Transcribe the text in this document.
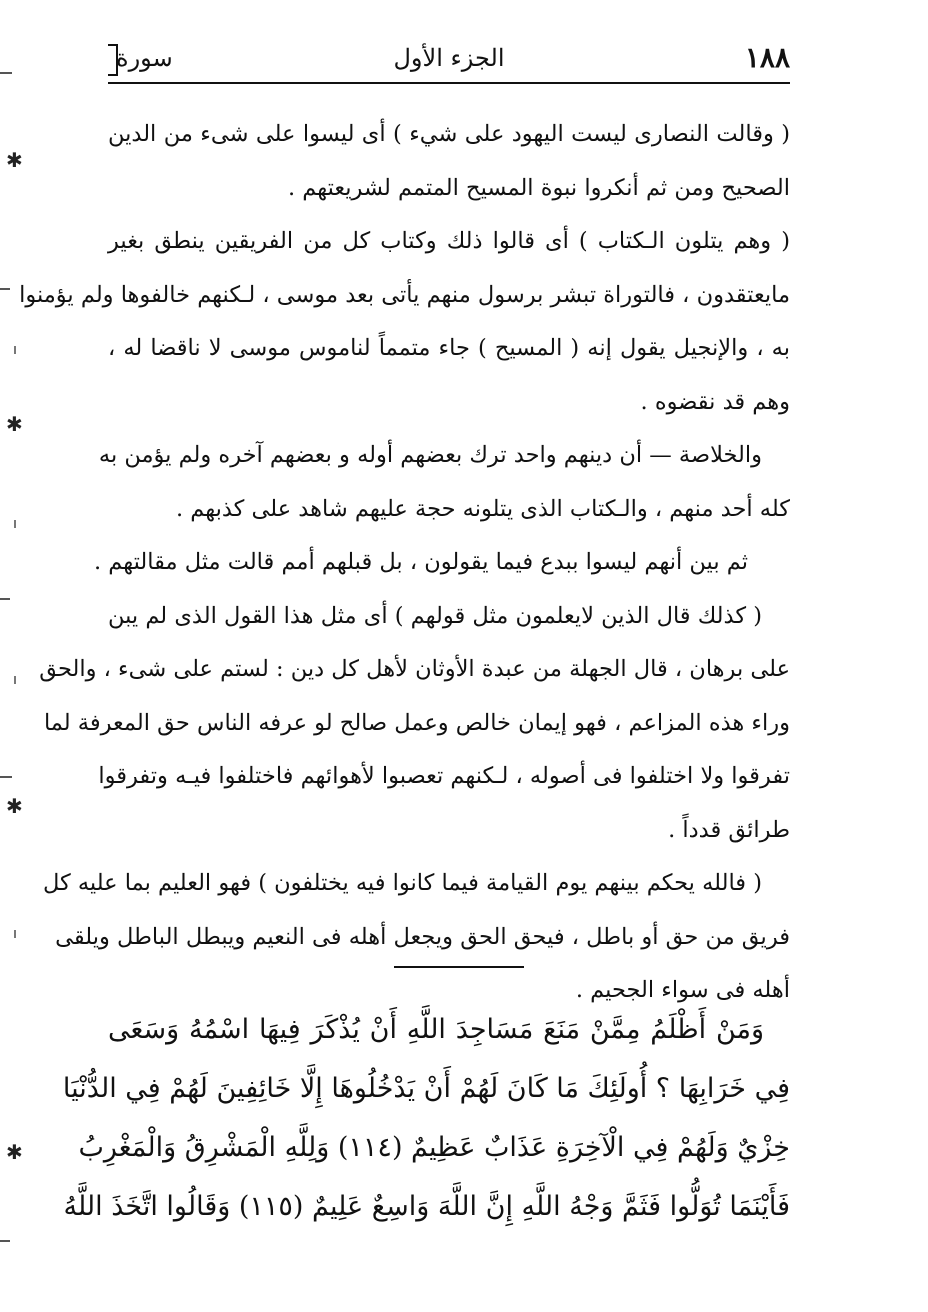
١٨٨
الجزء الأول
سورة
( وقالت النصارى ليست اليهود على شيء ) أى ليسوا على شىء من الدين
الصحيح ومن ثم أنكروا نبوة المسيح المتمم لشريعتهم .
( وهم يتلون الـكتاب ) أى قالوا ذلك وكتاب كل من الفريقين ينطق بغير
مايعتقدون ، فالتوراة تبشر برسول منهم يأتى بعد موسى ، لـكنهم خالفوها ولم يؤمنوا
به ، والإنجيل يقول إنه ( المسيح ) جاء متمماً لناموس موسى لا ناقضا له ،
وهم قد نقضوه .
والخلاصة — أن دينهم واحد ترك بعضهم أوله و بعضهم آخره ولم يؤمن به
كله أحد منهم ، والـكتاب الذى يتلونه حجة عليهم شاهد على كذبهم .
ثم بين أنهم ليسوا ببدع فيما يقولون ، بل قبلهم أمم قالت مثل مقالتهم .
( كذلك قال الذين لايعلمون مثل قولهم ) أى مثل هذا القول الذى لم يبن
على برهان ، قال الجهلة من عبدة الأوثان لأهل كل دين : لستم على شىء ، والحق
وراء هذه المزاعم ، فهو إيمان خالص وعمل صالح لو عرفه الناس حق المعرفة لما
تفرقوا ولا اختلفوا فى أصوله ، لـكنهم تعصبوا لأهوائهم فاختلفوا فيـه وتفرقوا
طرائق قدداً .
( فالله يحكم بينهم يوم القيامة فيما كانوا فيه يختلفون ) فهو العليم بما عليه كل
فريق من حق أو باطل ، فيحق الحق ويجعل أهله فى النعيم ويبطل الباطل ويلقى
أهله فى سواء الجحيم .
وَمَنْ أَظْلَمُ مِمَّنْ مَنَعَ مَسَاجِدَ اللَّهِ أَنْ يُذْكَرَ فِيهَا اسْمُهُ وَسَعَى
فِي خَرَابِهَا ؟ أُولَئِكَ مَا كَانَ لَهُمْ أَنْ يَدْخُلُوهَا إِلَّا خَائِفِينَ لَهُمْ فِي الدُّنْيَا
خِزْيٌ وَلَهُمْ فِي الْآخِرَةِ عَذَابٌ عَظِيمٌ (١١٤) وَلِلَّهِ الْمَشْرِقُ وَالْمَغْرِبُ
فَأَيْنَمَا تُوَلُّوا فَثَمَّ وَجْهُ اللَّهِ إِنَّ اللَّهَ وَاسِعٌ عَلِيمٌ (١١٥) وَقَالُوا اتَّخَذَ اللَّهُ
✱
✱
✱
✱
